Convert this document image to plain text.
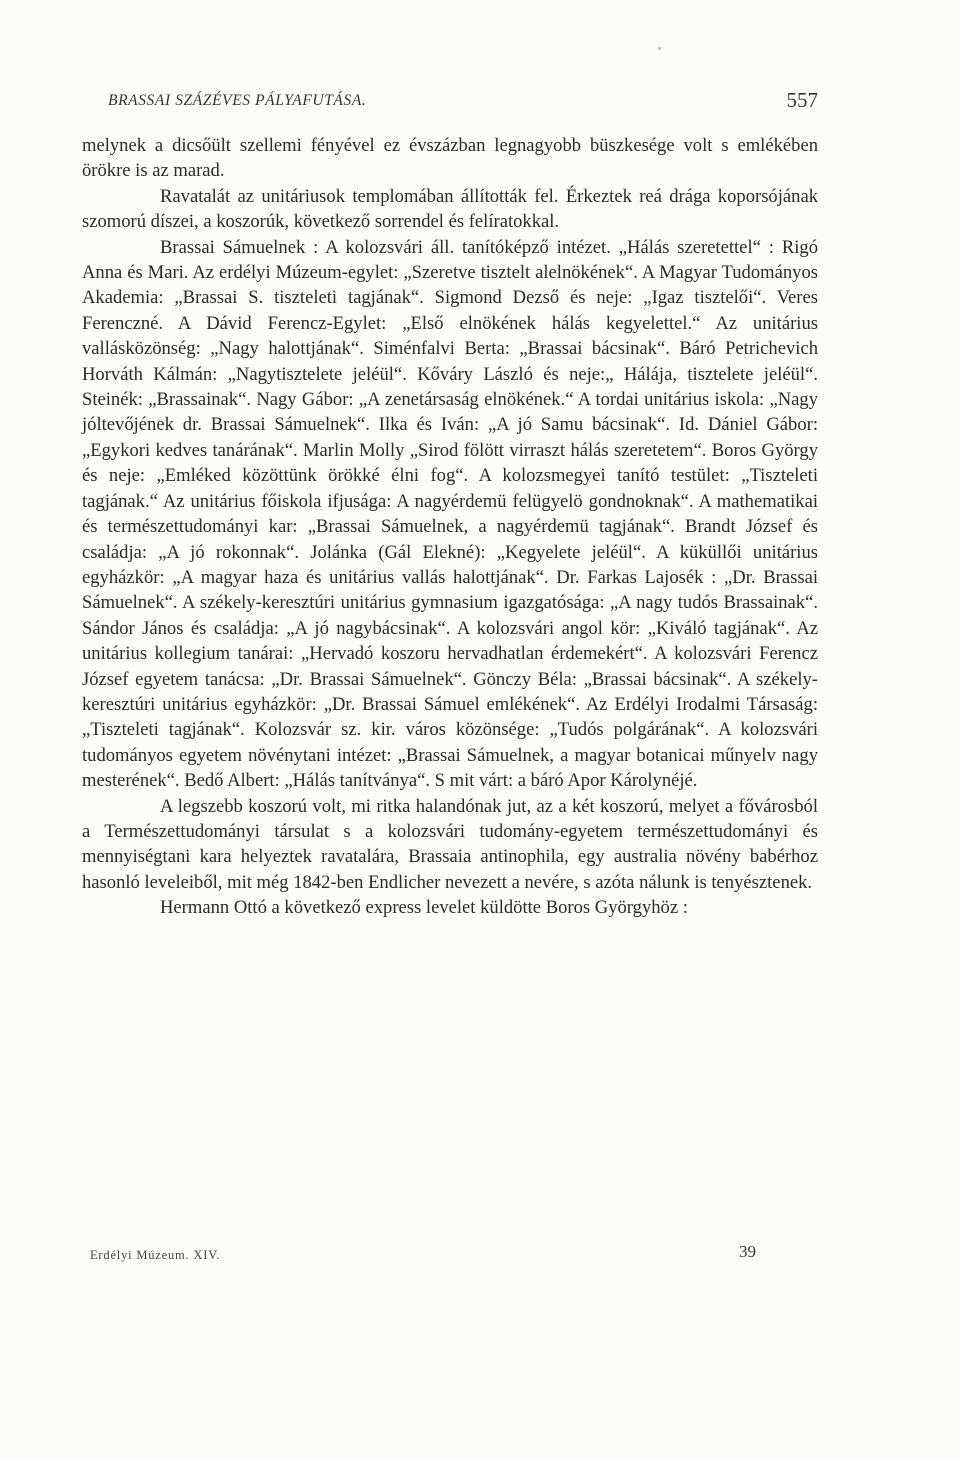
BRASSAI SZÁZÉVES PÁLYAFUTÁSA.	557

melynek a dicsőült szellemi fényével ez évszázban legnagyobb büszkesége volt s emlékében örökre is az marad.

Ravatalát az unitáriusok templomában állították fel. Érkeztek reá drága koporsójának szomorú díszei, a koszorúk, következő sorrendel és felíratokkal.

Brassai Sámuelnek : A kolozsvári áll. tanítóképző intézet. „Hálás szeretettel“ : Rigó Anna és Mari. Az erdélyi Múzeum-egylet: „Szeretve tisztelt alelnökének“. A Magyar Tudományos Akademia: „Brassai S. tiszteleti tagjának“. Sigmond Dezső és neje: „Igaz tisztelői“. Veres Ferenczné. A Dávid Ferencz-Egylet: „Első elnökének hálás kegyelettel.“ Az unitárius vallásközönség: „Nagy halottjának“. Siménfalvi Berta: „Brassai bácsinak“. Báró Petrichevich Horváth Kálmán: „Nagytisztelete jeléül“. Kőváry László és neje:„ Hálája, tisztelete jeléül“. Steinék: „Brassainak“. Nagy Gábor: „A zenetársaság elnökének.“ A tordai unitárius iskola: „Nagy jóltevőjének dr. Brassai Sámuelnek“. Ilka és Iván: „A jó Samu bácsinak“. Id. Dániel Gábor: „Egykori kedves tanárának“. Marlin Molly „Sirod fölött virraszt hálás szeretetem“. Boros György és neje: „Emléked közöttünk örökké élni fog“. A kolozsmegyei tanító testület: „Tiszteleti tagjának.“ Az unitárius főiskola ifjusága: A nagyérdemü felügyelö gondnoknak“. A mathematikai és természettudományi kar: „Brassai Sámuelnek, a nagyérdemü tagjának“. Brandt József és családja: „A jó rokonnak“. Jolánka (Gál Elekné): „Kegyelete jeléül“. A küküllői unitárius egyházkör: „A magyar haza és unitárius vallás halottjának“. Dr. Farkas Lajosék : „Dr. Brassai Sámuelnek“. A székely-keresztúri unitárius gymnasium igazgatósága: „A nagy tudós Brassainak“. Sándor János és családja: „A jó nagybácsinak“. A kolozsvári angol kör: „Kiváló tagjának“. Az unitárius kollegium tanárai: „Hervadó koszoru hervadhatlan érdemekért“. A kolozsvári Ferencz József egyetem tanácsa: „Dr. Brassai Sámuelnek“. Gönczy Béla: „Brassai bácsinak“. A székely-keresztúri unitárius egyházkör: „Dr. Brassai Sámuel emlékének“. Az Erdélyi Irodalmi Társaság: „Tiszteleti tagjának“. Kolozsvár sz. kir. város közönsége: „Tudós polgárának“. A kolozsvári tudományos egyetem növénytani intézet: „Brassai Sámuelnek, a magyar botanicai műnyelv nagy mesterének“. Bedő Albert: „Hálás tanítványa“. S mit várt: a báró Apor Károlynéjé.

A legszebb koszorú volt, mi ritka halandónak jut, az a két koszorú, melyet a fővárosból a Természettudományi társulat s a kolozsvári tudomány-egyetem természettudományi és mennyiségtani kara helyeztek ravatalára, Brassaia antinophila, egy australia növény babérhoz hasonló leveleiből, mit még 1842-ben Endlicher nevezett a nevére, s azóta nálunk is tenyésztenek.

Hermann Ottó a következő express levelet küldötte Boros Györgyhöz :

Erdélyi Múzeum. XIV.	39
